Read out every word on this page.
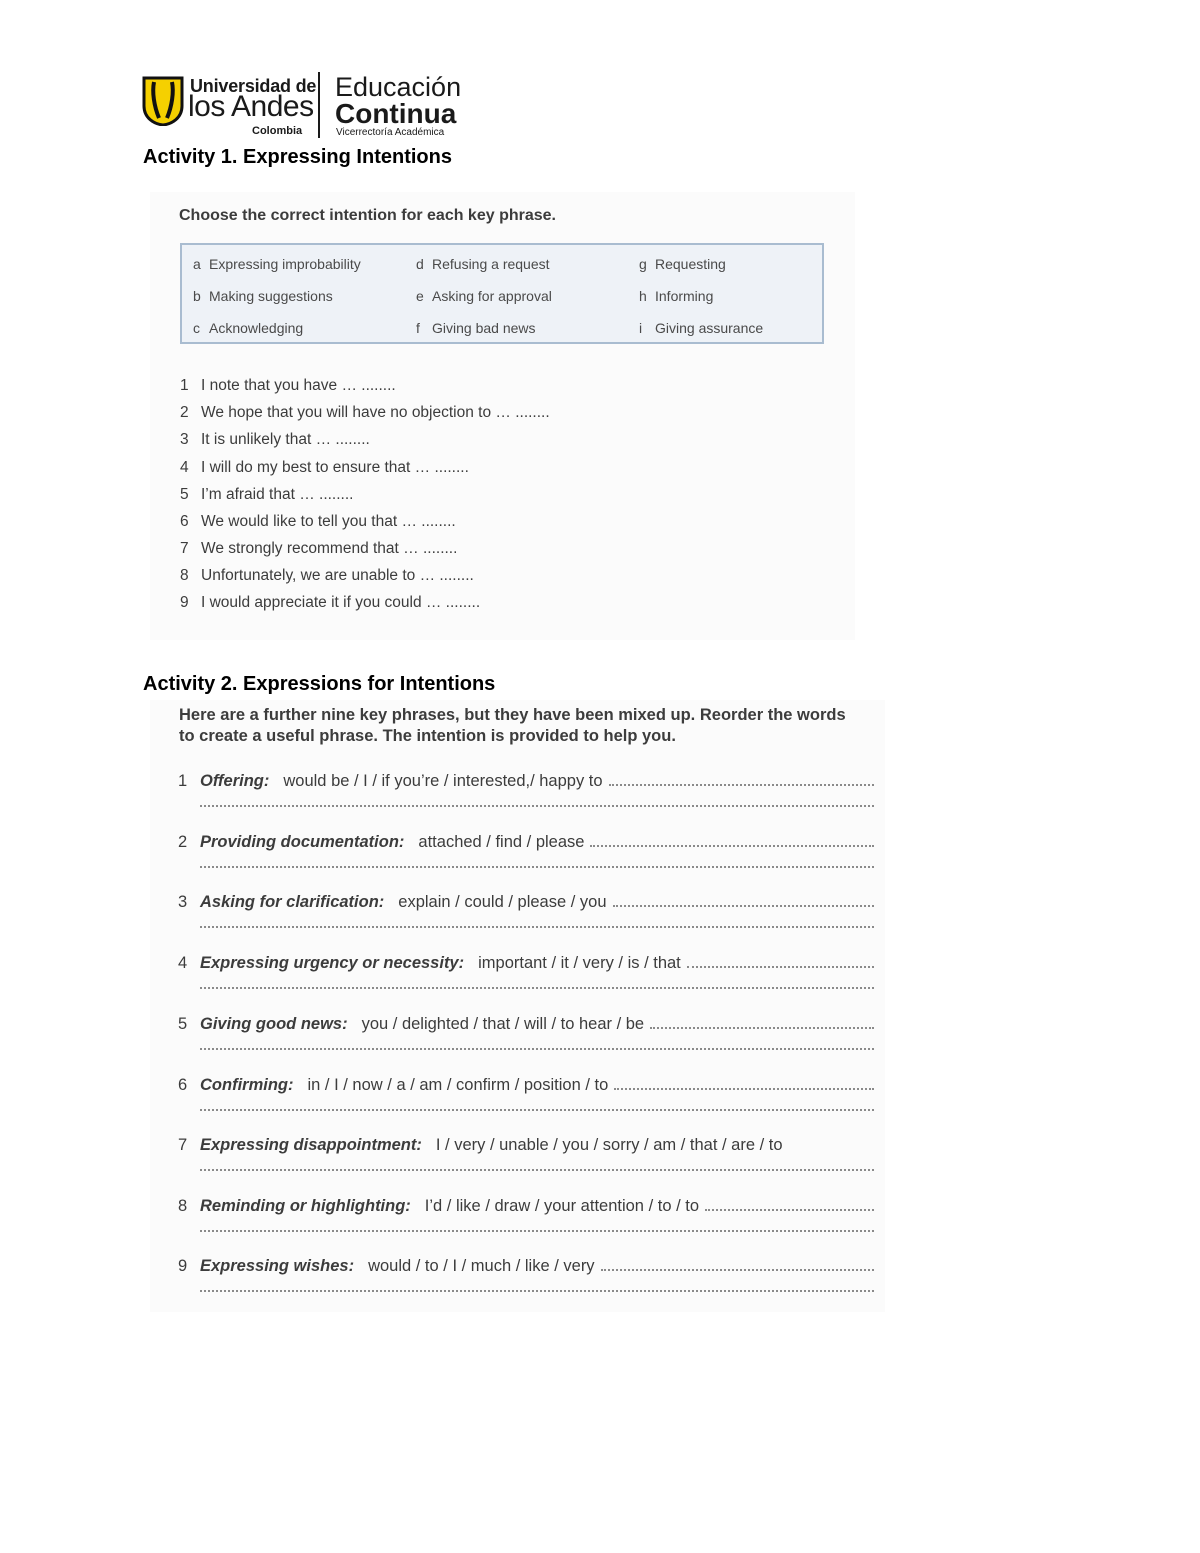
Universidad de
los Andes
Colombia
Educación
Continua
Vicerrectoría Académica
Activity 1. Expressing Intentions
Choose the correct intention for each key phrase.
a Expressing improbability
b Making suggestions
c Acknowledging
d Refusing a request
e Asking for approval
f Giving bad news
g Requesting
h Informing
i Giving assurance
1 I note that you have … ........
2 We hope that you will have no objection to … ........
3 It is unlikely that … ........
4 I will do my best to ensure that … ........
5 I’m afraid that … ........
6 We would like to tell you that … ........
7 We strongly recommend that … ........
8 Unfortunately, we are unable to … ........
9 I would appreciate it if you could … ........
Activity 2. Expressions for Intentions
Here are a further nine key phrases, but they have been mixed up. Reorder the words to create a useful phrase. The intention is provided to help you.
1 Offering: would be / I / if you’re / interested,/ happy to
2 Providing documentation: attached / find / please
3 Asking for clarification: explain / could / please / you
4 Expressing urgency or necessity: important / it / very / is / that
5 Giving good news: you / delighted / that / will / to hear / be
6 Confirming: in / I / now / a / am / confirm / position / to
7 Expressing disappointment: I / very / unable / you / sorry / am / that / are / to
8 Reminding or highlighting: I’d / like / draw / your attention / to / to
9 Expressing wishes: would / to / I / much / like / very
